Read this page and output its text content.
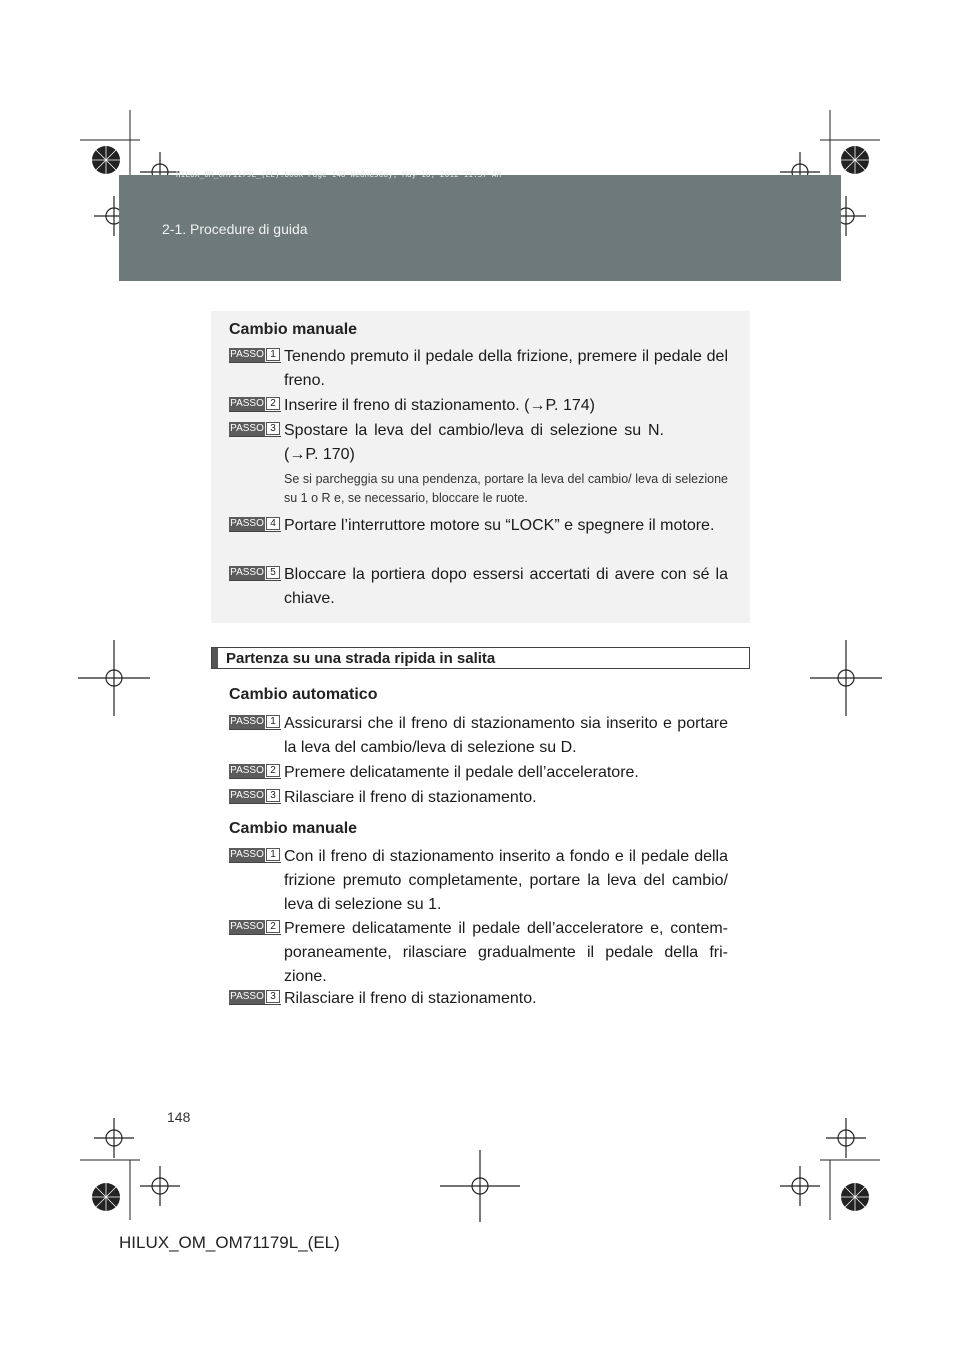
2-1. Procedure di guida
HILUX_OM_OM71179L_(EL).book Page 148 Wednesday, May 16, 2012 11:37 AM
Cambio manuale
PASSO 1 Tenendo premuto il pedale della frizione, premere il pedale del freno.
PASSO 2 Inserire il freno di stazionamento. (→P. 174)
PASSO 3 Spostare la leva del cambio/leva di selezione su N. (→P. 170)
Se si parcheggia su una pendenza, portare la leva del cambio/ leva di selezione su 1 o R e, se necessario, bloccare le ruote.
PASSO 4 Portare l’interruttore motore su “LOCK” e spegnere il motore.
PASSO 5 Bloccare la portiera dopo essersi accertati di avere con sé la chiave.
Partenza su una strada ripida in salita
Cambio automatico
PASSO 1 Assicurarsi che il freno di stazionamento sia inserito e portare la leva del cambio/leva di selezione su D.
PASSO 2 Premere delicatamente il pedale dell’acceleratore.
PASSO 3 Rilasciare il freno di stazionamento.
Cambio manuale
PASSO 1 Con il freno di stazionamento inserito a fondo e il pedale della frizione premuto completamente, portare la leva del cambio/ leva di selezione su 1.
PASSO 2 Premere delicatamente il pedale dell’acceleratore e, contem- poraneamente, rilasciare gradualmente il pedale della fri- zione.
PASSO 3 Rilasciare il freno di stazionamento.
148
HILUX_OM_OM71179L_(EL)
